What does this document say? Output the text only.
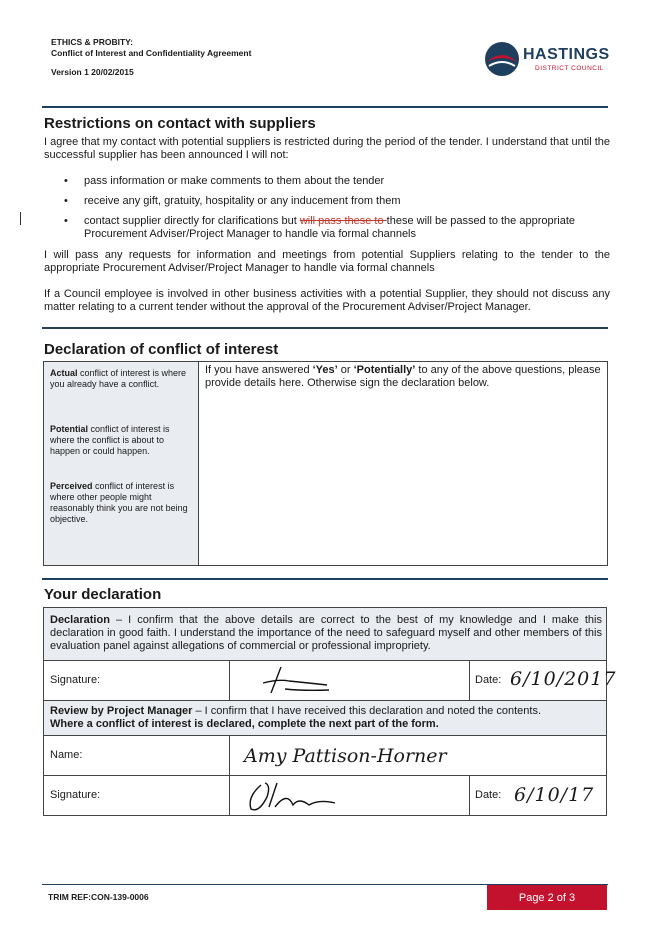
ETHICS & PROBITY:
Conflict of Interest and Confidentiality Agreement
Version 1 20/02/2015
HASTINGS
DISTRICT COUNCIL
Restrictions on contact with suppliers

I agree that my contact with potential suppliers is restricted during the period of the tender. I understand that until the successful supplier has been announced I will not:

• pass information or make comments to them about the tender
• receive any gift, gratuity, hospitality or any inducement from them
• contact supplier directly for clarifications but will pass these to these will be passed to the appropriate Procurement Adviser/Project Manager to handle via formal channels

I will pass any requests for information and meetings from potential Suppliers relating to the tender to the appropriate Procurement Adviser/Project Manager to handle via formal channels

If a Council employee is involved in other business activities with a potential Supplier, they should not discuss any matter relating to a current tender without the approval of the Procurement Adviser/Project Manager.

Declaration of conflict of interest
Actual conflict of interest is where you already have a conflict.
Potential conflict of interest is where the conflict is about to happen or could happen.
Perceived conflict of interest is where other people might reasonably think you are not being objective.
If you have answered ‘Yes’ or ‘Potentially’ to any of the above questions, please provide details here. Otherwise sign the declaration below.
Your declaration
Declaration – I confirm that the above details are correct to the best of my knowledge and I make this declaration in good faith. I understand the importance of the need to safeguard myself and other members of this evaluation panel against allegations of commercial or professional impropriety.
Signature:	Date: 6/10/2017
Review by Project Manager – I confirm that I have received this declaration and noted the contents.
Where a conflict of interest is declared, complete the next part of the form.
Name:	Amy Pattison-Horner
Signature:	Date: 6/10/17
TRIM REF:CON-139-0006	Page 2 of 3
